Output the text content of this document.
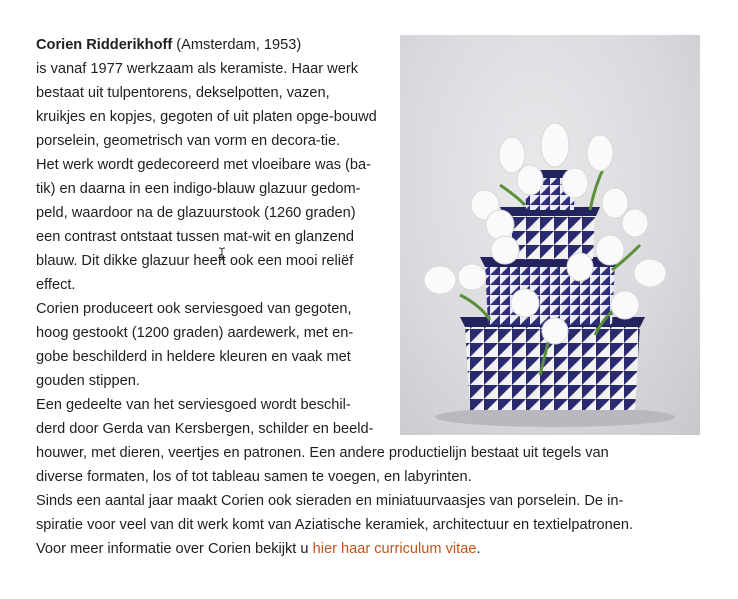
Corien Ridderikhoff (Amsterdam, 1953)
is vanaf 1977 werkzaam als keramiste. Haar werk bestaat uit tulpentorens, dekselpotten, vazen, kruikjes en kopjes, gegoten of uit platen opge-bouwd porselein, geometrisch van vorm en decora-tie.

Het werk wordt gedecoreerd met vloeibare was (ba-tik) en daarna in een indigo-blauw glazuur gedom-peld, waardoor na de glazuurstook (1260 graden) een contrast ontstaat tussen mat-wit en glanzend blauw. Dit dikke glazuur heeft ook een mooi reliëf effect.

Corien produceert ook serviesgoed van gegoten, hoog gestookt (1200 graden) aardewerk, met en-gobe beschilderd in heldere kleuren en vaak met gouden stippen.

Een gedeelte van het serviesgoed wordt beschil-derd door Gerda van Kersbergen, schilder en beeld-houwer, met dieren, veertjes en patronen. Een andere productielijn bestaat uit tegels van diverse formaten, los of tot tableau samen te voegen, en labyrinten.

Sinds een aantal jaar maakt Corien ook sieraden en miniatuurvaasjes van porselein. De in-spiratie voor veel van dit werk komt van Aziatische keramiek, architectuur en textielpatronen. Voor meer informatie over Corien bekijkt u hier haar curriculum vitae.
